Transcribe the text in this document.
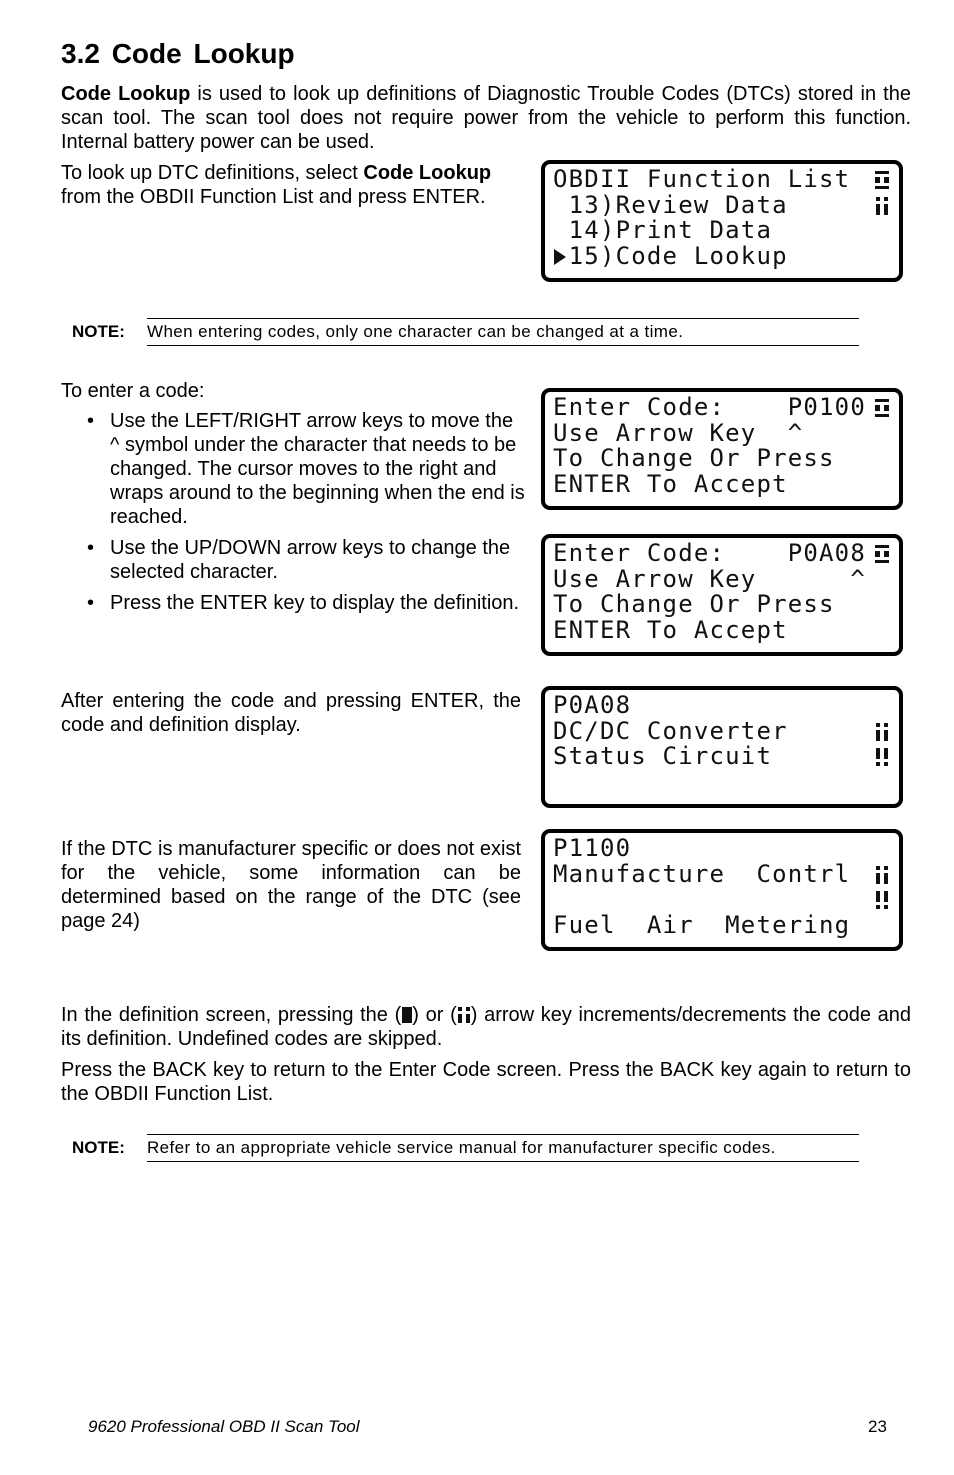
3.2 Code Lookup
Code Lookup is used to look up definitions of Diagnostic Trouble Codes (DTCs) stored in the scan tool. The scan tool does not require power from the vehicle to perform this function. Internal battery power can be used.
To look up DTC definitions, select Code Lookup from the OBDII Function List and press ENTER.
OBDII Function List
13)Review Data
14)Print Data
15)Code Lookup
NOTE: When entering codes, only one character can be changed at a time.
To enter a code:
• Use the LEFT/RIGHT arrow keys to move the ^ symbol under the character that needs to be changed. The cursor moves to the right and wraps around to the beginning when the end is reached.
• Use the UP/DOWN arrow keys to change the selected character.
• Press the ENTER key to display the definition.
Enter Code:    P0100
Use Arrow Key  ^
To Change Or Press
ENTER To Accept
Enter Code:    P0A08
Use Arrow Key      ^
To Change Or Press
ENTER To Accept
After entering the code and pressing ENTER, the code and definition display.
P0A08
DC/DC Converter
Status Circuit
If the DTC is manufacturer specific or does not exist for the vehicle, some information can be determined based on the range of the DTC (see page 24)
P1100
Manufacture  Contrl
Fuel  Air  Metering
In the definition screen, pressing the ( ) or ( ) arrow key increments/decrements the code and its definition. Undefined codes are skipped.
Press the BACK key to return to the Enter Code screen. Press the BACK key again to return to the OBDII Function List.
NOTE: Refer to an appropriate vehicle service manual for manufacturer specific codes.
9620 Professional OBD II Scan Tool	23
